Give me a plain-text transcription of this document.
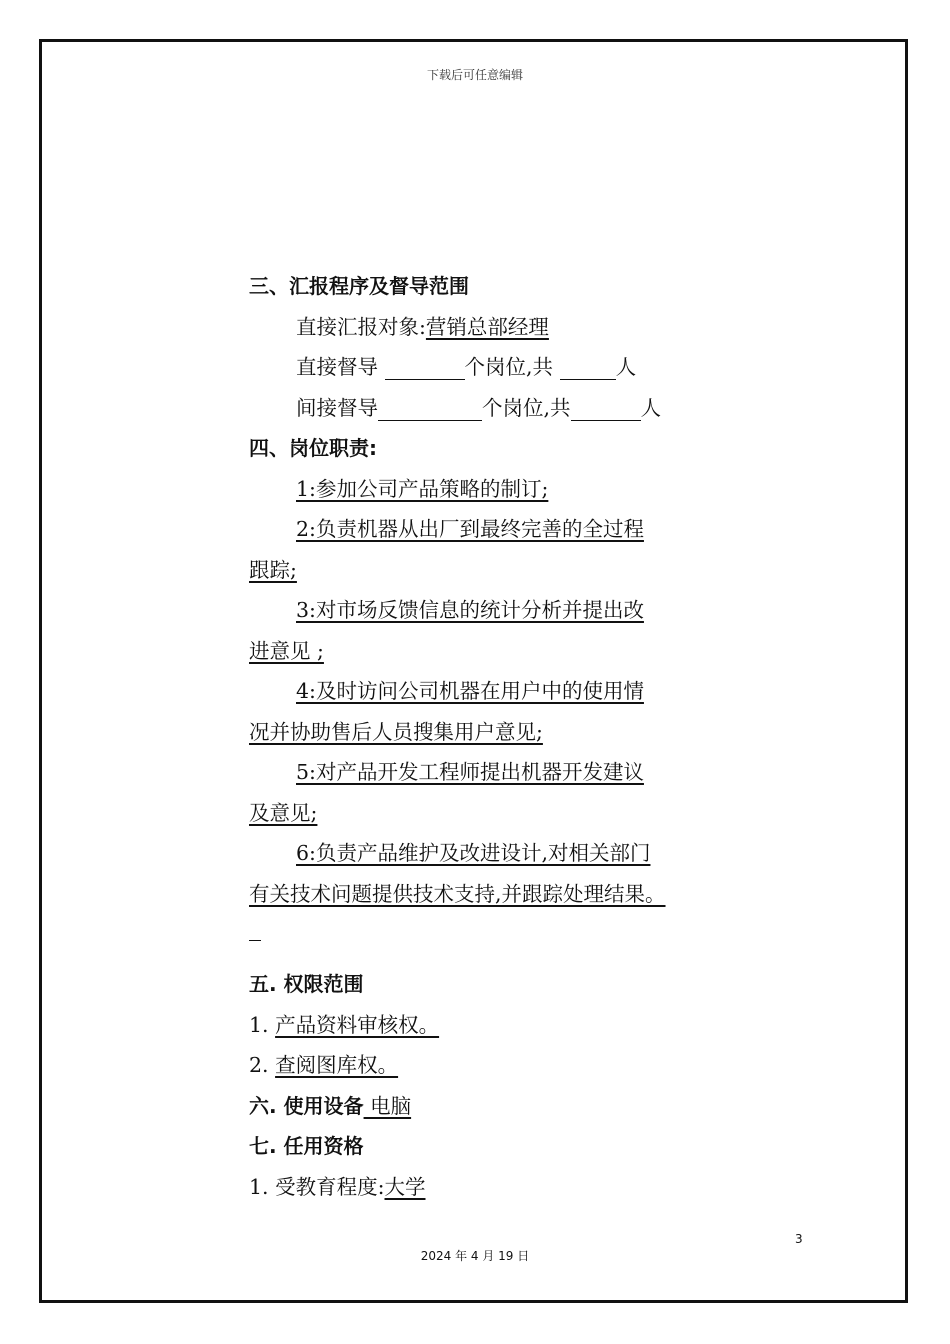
下载后可任意编辑
三、汇报程序及督导范围
直接汇报对象:营销总部经理
直接督导	个岗位,共	人
间接督导	个岗位,共	人
四、岗位职责:
1:参加公司产品策略的制订;
2:负责机器从出厂到最终完善的全过程
跟踪;
3:对市场反馈信息的统计分析并提出改
进意见 ;
4:及时访问公司机器在用户中的使用情
况并协助售后人员搜集用户意见;
5:对产品开发工程师提出机器开发建议
及意见;
6:负责产品维护及改进设计,对相关部门
有关技术问题提供技术支持,并跟踪处理结果。
五. 权限范围
1. 产品资料审核权。
2. 查阅图库权。
六. 使用设备 电脑
七. 任用资格
1. 受教育程度:大学
3
2024 年 4 月 19 日
